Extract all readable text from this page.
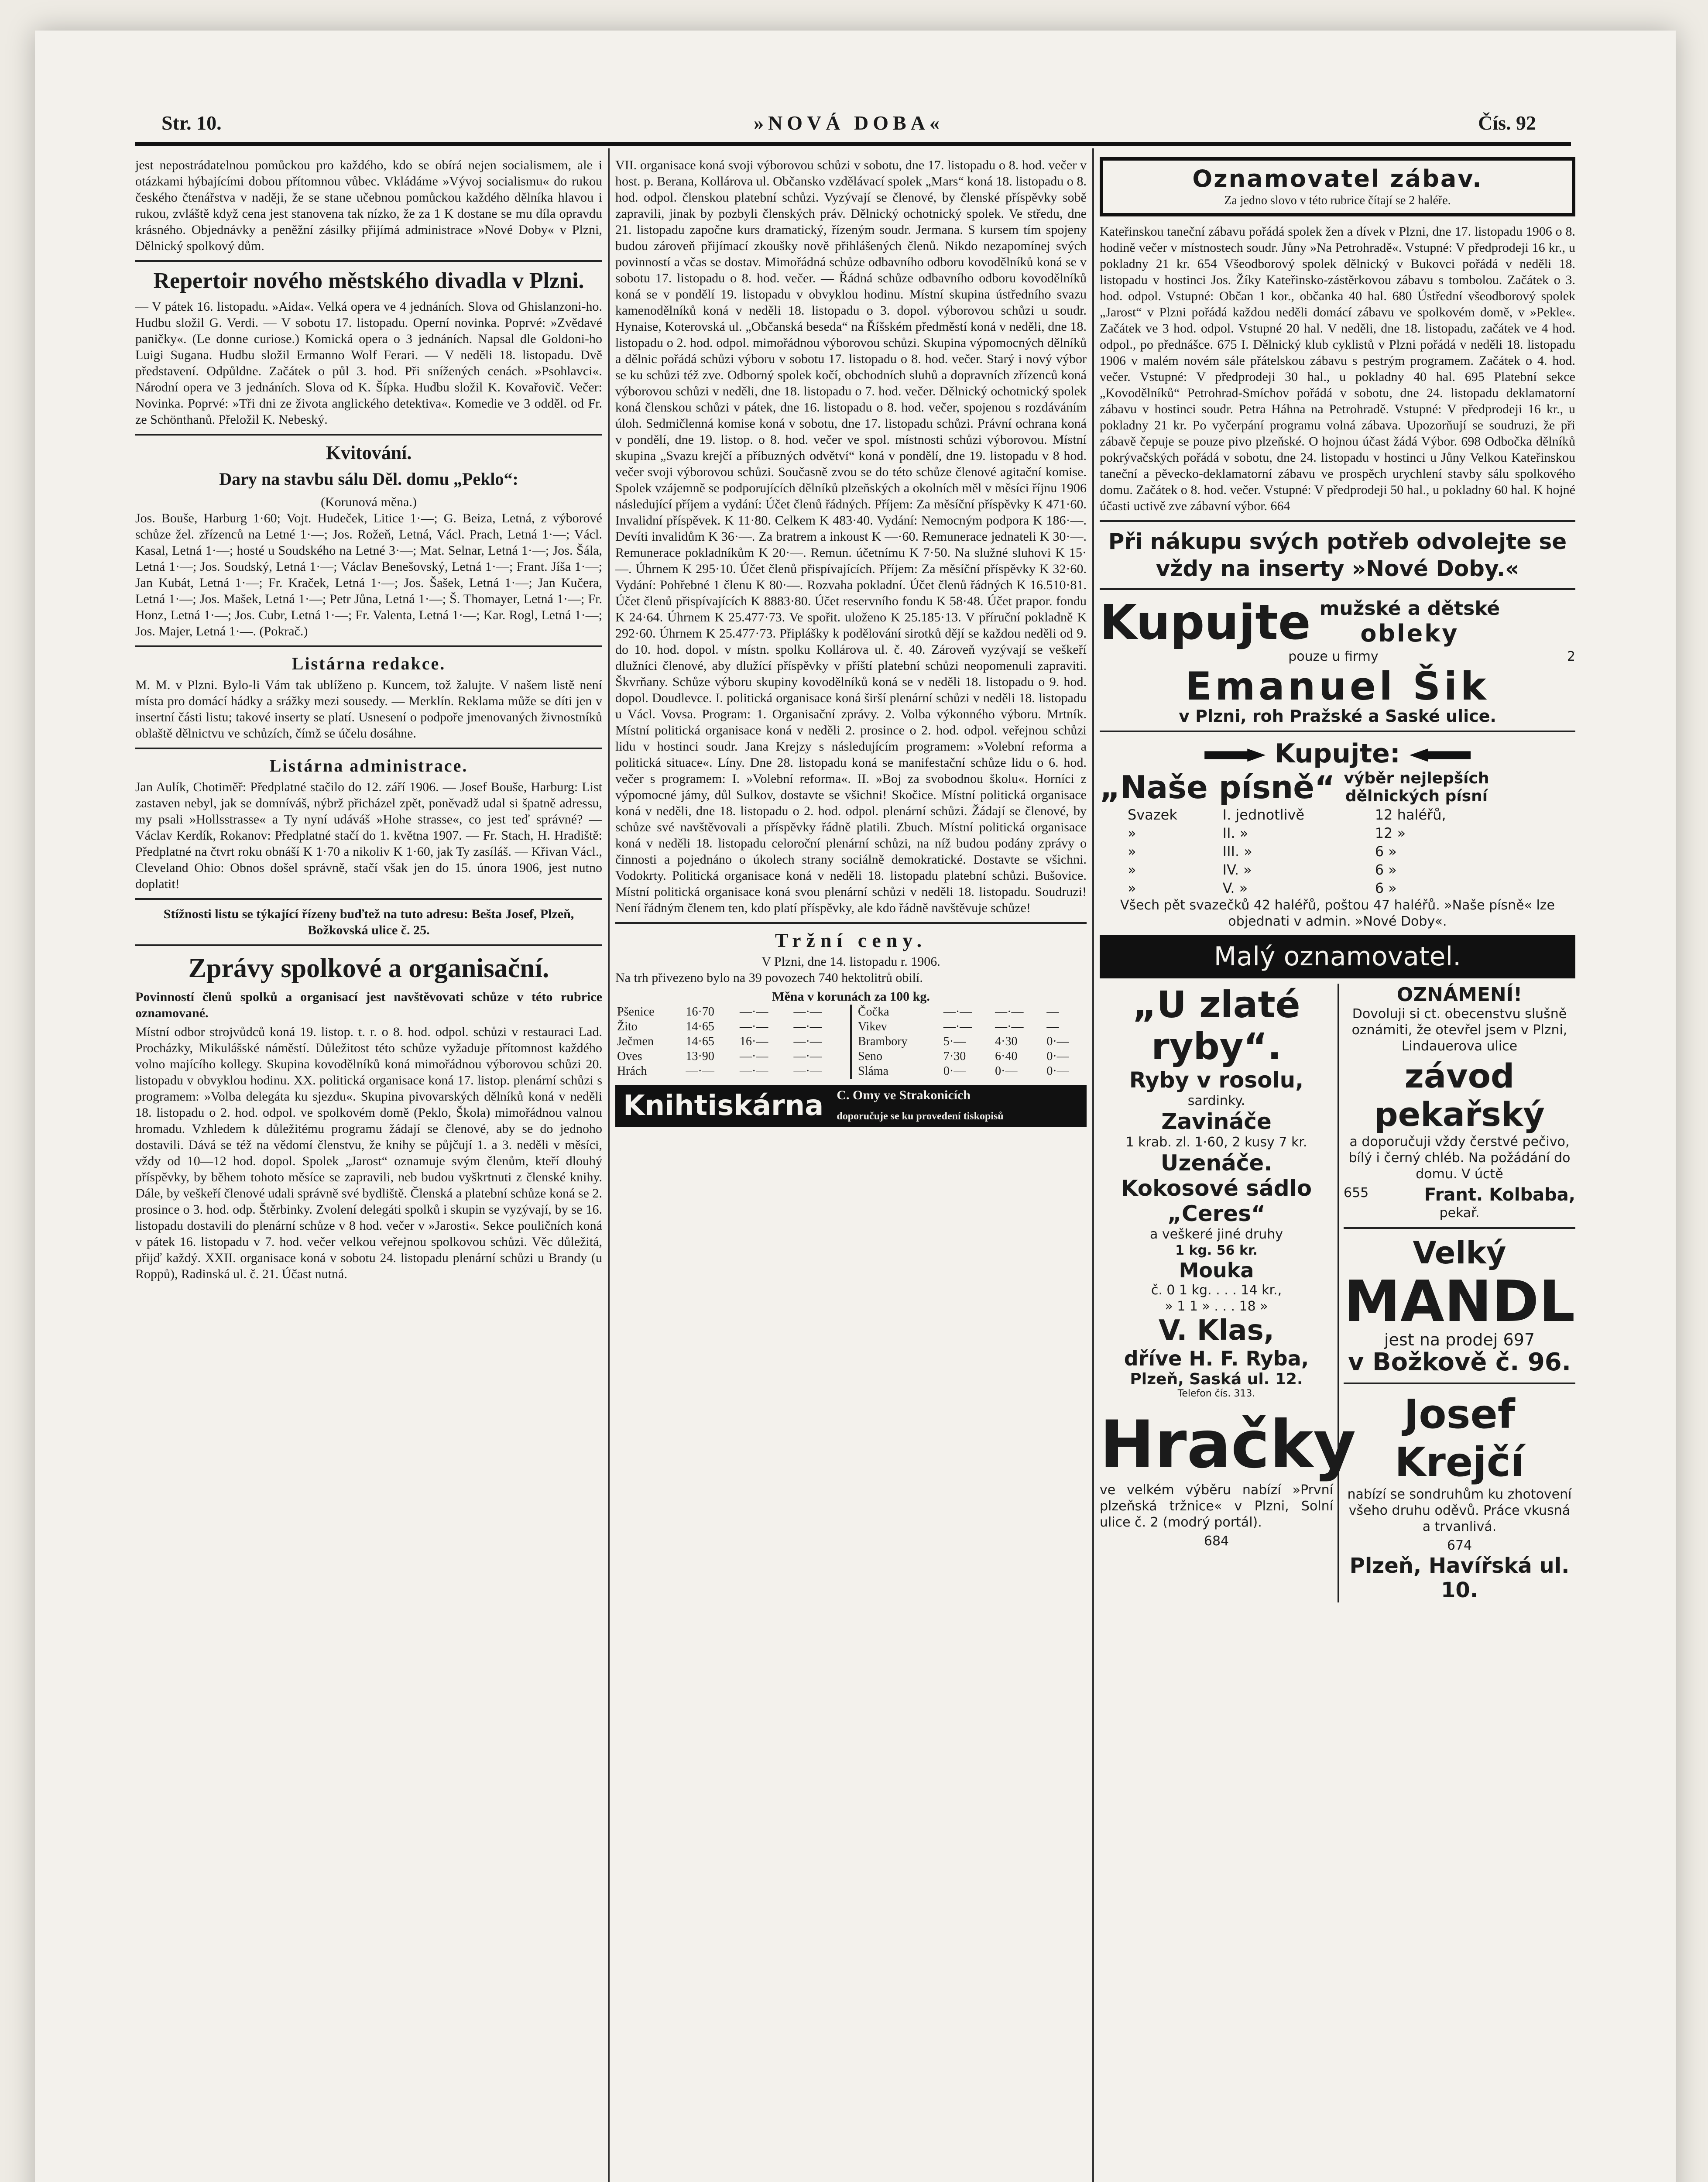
Str. 10.	»NOVÁ DOBA«	Čís. 92

jest nepostrádatelnou pomůckou pro každého, kdo se obírá nejen socialismem, ale i otázkami hýbajícími dobou přítomnou vůbec. Vkládáme »Vývoj socialismu« do rukou českého čtenářstva v naději, že se stane učebnou pomůckou každého dělníka hlavou i rukou, zvláště když cena jest stanovena tak nízko, že za 1 K dostane se mu díla opravdu krásného. Objednávky a peněžní zásilky přijímá administrace »Nové Doby« v Plzni, Dělnický spolkový dům.

Repertoir nového městského divadla v Plzni.

— V pátek 16. listopadu. »Aida«. Velká opera ve 4 jednáních. Slova od Ghislanzoni-ho. Hudbu složil G. Verdi. — V sobotu 17. listopadu. Operní novinka. Poprvé: »Zvědavé paničky«. (Le donne curiose.) Komická opera o 3 jednáních. Napsal dle Goldoni-ho Luigi Sugana. Hudbu složil Ermanno Wolf Ferari. — V neděli 18. listopadu. Dvě představení. Odpůldne. Začátek o půl 3. hod. Při snížených cenách. »Psohlavci«. Národní opera ve 3 jednáních. Slova od K. Šípka. Hudbu složil K. Kovařovič. Večer: Novinka. Poprvé: »Tři dni ze života anglického detektiva«. Komedie ve 3 odděl. od Fr. ze Schönthanů. Přeložil K. Nebeský.

Kvitování.
Dary na stavbu sálu Děl. domu „Peklo“:
(Korunová měna.)

Jos. Bouše, Harburg 1·60; Vojt. Hudeček, Litice 1·—; G. Beiza, Letná, z výborové schůze žel. zřízenců na Letné 1·—; Jos. Rožeň, Letná, Václ. Prach, Letná 1·—; Václ. Kasal, Letná 1·—; hosté u Soudského na Letné 3·—; Mat. Selnar, Letná 1·—; Jos. Šála, Letná 1·—; Jos. Soudský, Letná 1·—; Václav Benešovský, Letná 1·—; Frant. Jíša 1·—; Jan Kubát, Letná 1·—; Fr. Kraček, Letná 1·—; Jos. Šašek, Letná 1·—; Jan Kučera, Letná 1·—; Jos. Mašek, Letná 1·—; Petr Jůna, Letná 1·—; Š. Thomayer, Letná 1·—; Fr. Honz, Letná 1·—; Jos. Cubr, Letná 1·—; Fr. Valenta, Letná 1·—; Kar. Rogl, Letná 1·—; Jos. Majer, Letná 1·—. (Pokrač.)

Listárna redakce.

M. M. v Plzni. Bylo-li Vám tak ublíženo p. Kuncem, tož žalujte. V našem listě není místa pro domácí hádky a srážky mezi sousedy. — Merklín. Reklama může se díti jen v insertní části listu; takové inserty se platí. Usnesení o podpoře jmenovaných živnostníků oblaště dělnictvu ve schůzích, čímž se účelu dosáhne.

Listárna administrace.

Jan Aulík, Chotiměř: Předplatné stačilo do 12. září 1906. — Josef Bouše, Harburg: List zastaven nebyl, jak se domníváš, nýbrž přicházel zpět, poněvadž udal si špatně adressu, my psali »Hollsstrasse« a Ty nyní udáváš »Hohe strasse«, co jest teď správné? — Václav Kerdík, Rokanov: Předplatné stačí do 1. května 1907. — Fr. Stach, H. Hradiště: Předplatné na čtvrt roku obnáší K 1·70 a nikoliv K 1·60, jak Ty zasíláš. — Křivan Václ., Cleveland Ohio: Obnos došel správně, stačí však jen do 15. února 1906, jest nutno doplatit!

Stížnosti listu se týkající řízeny buďtež na tuto adresu: Bešta Josef, Plzeň, Božkovská ulice č. 25.
Zprávy spolkové a organisační.

Povinností členů spolků a organisací jest navštěvovati schůze v této rubrice oznamované.

Místní odbor strojvůdců koná 19. listop. t. r. o 8. hod. odpol. schůzi v restauraci Lad. Procházky, Mikulášské náměstí. Důležitost této schůze vyžaduje přítomnost každého volno majícího kollegy. Skupina kovodělníků koná mimořádnou výborovou schůzi 20. listopadu v obvyklou hodinu. XX. politická organisace koná 17. listop. plenární schůzi s programem: »Volba delegáta ku sjezdu«. Skupina pivovarských dělníků koná v neděli 18. listopadu o 2. hod. odpol. ve spolkovém domě (Peklo, Škola) mimořádnou valnou hromadu. Vzhledem k důležitému programu žádají se členové, aby se do jednoho dostavili. Dává se též na vědomí členstvu, že knihy se půjčují 1. a 3. neděli v měsíci, vždy od 10—12 hod. dopol. Spolek „Jarost“ oznamuje svým členům, kteří dlouhý příspěvky, by během tohoto měsíce se zapravili, neb budou vyškrtnuti z členské knihy. Dále, by veškeří členové udali správně své bydliště. Členská a platební schůze koná se 2. prosince o 3. hod. odp. Štěrbinky. Zvolení delegáti spolků i skupin se vyzývají, by se 16. listopadu dostavili do plenární schůze v 8 hod. večer v »Jarosti«. Sekce pouličních koná v pátek 16. listopadu v 7. hod. večer velkou veřejnou spolkovou schůzi. Věc důležitá, přijď každý. XXII. organisace koná v sobotu 24. listopadu plenární schůzi u Brandy (u Roppů), Radinská ul. č. 21. Účast nutná.

VII. organisace koná svoji výborovou schůzi v sobotu, dne 17. listopadu o 8. hod. večer v host. p. Berana, Kollárova ul. Občansko vzdělávací spolek „Mars“ koná 18. listopadu o 8. hod. odpol. členskou platební schůzi. Vyzývají se členové, by členské příspěvky sobě zapravili, jinak by pozbyli členských práv. Dělnický ochotnický spolek. Ve středu, dne 21. listopadu započne kurs dramatický, řízeným soudr. Jermana. S kursem tím spojeny budou zároveň přijímací zkoušky nově přihlášených členů. Nikdo nezapomínej svých povinností a včas se dostav. Mimořádná schůze odbavního odboru kovodělníků koná se v sobotu 17. listopadu o 8. hod. večer. — Řádná schůze odbavního odboru kovodělníků koná se v pondělí 19. listopadu v obvyklou hodinu. Místní skupina ústředního svazu kamenodělníků koná v neděli 18. listopadu o 3. dopol. výborovou schůzi u soudr. Hynaise, Koterovská ul. „Občanská beseda“ na Říšském předměstí koná v neděli, dne 18. listopadu o 2. hod. odpol. mimořádnou výborovou schůzi. Skupina výpomocných dělníků a dělnic pořádá schůzi výboru v sobotu 17. listopadu o 8. hod. večer. Starý i nový výbor se ku schůzi též zve. Odborný spolek kočí, obchodních sluhů a dopravních zřízenců koná výborovou schůzi v neděli, dne 18. listopadu o 7. hod. večer. Dělnický ochotnický spolek koná členskou schůzi v pátek, dne 16. listopadu o 8. hod. večer, spojenou s rozdáváním úloh. Sedmičlenná komise koná v sobotu, dne 17. listopadu schůzi. Právní ochrana koná v pondělí, dne 19. listop. o 8. hod. večer ve spol. místnosti schůzi výborovou. Místní skupina „Svazu krejčí a příbuzných odvětví“ koná v pondělí, dne 19. listopadu v 8 hod. večer svoji výborovou schůzi. Současně zvou se do této schůze členové agitační komise. Spolek vzájemně se podporujících dělníků plzeňských a okolních měl v měsíci říjnu 1906 následující příjem a vydání: Účet členů řádných. Příjem: Za měsíční příspěvky K 471·60. Invalidní příspěvek. K 11·80. Celkem K 483·40. Vydání: Nemocným podpora K 186·—. Devíti invalidům K 36·—. Za bratrem a inkoust K —·60. Remunerace jednateli K 30·—. Remunerace pokladníkům K 20·—. Remun. účetnímu K 7·50. Na služné sluhovi K 15·—. Úhrnem K 295·10. Účet členů přispívajících. Příjem: Za měsíční příspěvky K 32·60. Vydání: Pohřebné 1 členu K 80·—. Rozvaha pokladní. Účet členů řádných K 16.510·81. Účet členů přispívajících K 8883·80. Účet reservního fondu K 58·48. Účet prapor. fondu K 24·64. Úhrnem K 25.477·73. Ve spořit. uloženo K 25.185·13. V příruční pokladně K 292·60. Úhrnem K 25.477·73. Připlášky k podělování sirotků dějí se každou neděli od 9. do 10. hod. dopol. v místn. spolku Kollárova ul. č. 40. Zároveň vyzývají se veškeří dlužníci členové, aby dlužící příspěvky v příští platební schůzi neopomenuli zapraviti. Škvrňany. Schůze výboru skupiny kovodělníků koná se v neděli 18. listopadu o 9. hod. dopol. Doudlevce. I. politická organisace koná širší plenární schůzi v neděli 18. listopadu u Václ. Vovsa. Program: 1. Organisační zprávy. 2. Volba výkonného výboru. Mrtník. Místní politická organisace koná v neděli 2. prosince o 2. hod. odpol. veřejnou schůzi lidu v hostinci soudr. Jana Krejzy s následujícím programem: »Volební reforma a politická situace«. Líny. Dne 28. listopadu koná se manifestační schůze lidu o 6. hod. večer s programem: I. »Volební reforma«. II. »Boj za svobodnou školu«. Horníci z výpomocné jámy, důl Sulkov, dostavte se všichni! Skočice. Místní politická organisace koná v neděli, dne 18. listopadu o 2. hod. odpol. plenární schůzi. Žádají se členové, by schůze své navštěvovali a příspěvky řádně platili. Zbuch. Místní politická organisace koná v neděli 18. listopadu celoroční plenární schůzi, na níž budou podány zprávy o činnosti a pojednáno o úkolech strany sociálně demokratické. Dostavte se všichni. Vodokrty. Politická organisace koná v neděli 18. listopadu platební schůzi. Bušovice. Místní politická organisace koná svou plenární schůzi v neděli 18. listopadu. Soudruzi! Není řádným členem ten, kdo platí příspěvky, ale kdo řádně navštěvuje schůze!

Tržní ceny.
V Plzni, dne 14. listopadu r. 1906.

Na trh přivezeno bylo na 39 povozech 740 hektolitrů obilí.

Měna v korunách za 100 kg.
Pšenice	16·70	—·—	—·—
Žito	14·65	—·—	—·—
Ječmen	14·65	16·—	—·—
Oves	13·90	—·—	—·—
Hrách	—·—	—·—	—·—
Čočka	—·—	—·—	—
Vikev	—·—	—·—	—
Brambory	5·—	4·30	0·—
Seno	7·30	6·40	0·—
Sláma	0·—	0·—	0·—
Knihtiskárna	C. Omy ve Strakonicích
doporučuje se ku provedení tiskopisů
Oznamovatel zábav.
Za jedno slovo v této rubrice čítají se 2 haléře.

Kateřinskou taneční zábavu pořádá spolek žen a dívek v Plzni, dne 17. listopadu 1906 o 8. hodině večer v místnostech soudr. Jůny »Na Petrohradě«. Vstupné: V předprodeji 16 kr., u pokladny 21 kr. 654 Všeodborový spolek dělnický v Bukovci pořádá v neděli 18. listopadu v hostinci Jos. Žíky Kateřinsko-zástěrkovou zábavu s tombolou. Začátek o 3. hod. odpol. Vstupné: Občan 1 kor., občanka 40 hal. 680 Ústřední všeodborový spolek „Jarost“ v Plzni pořádá každou neděli domácí zábavu ve spolkovém domě, v »Pekle«. Začátek ve 3 hod. odpol. Vstupné 20 hal. V neděli, dne 18. listopadu, začátek ve 4 hod. odpol., po přednášce. 675 I. Dělnický klub cyklistů v Plzni pořádá v neděli 18. listopadu 1906 v malém novém sále přátelskou zábavu s pestrým programem. Začátek o 4. hod. večer. Vstupné: V předprodeji 30 hal., u pokladny 40 hal. 695 Platební sekce „Kovodělníků“ Petrohrad-Smíchov pořádá v sobotu, dne 24. listopadu deklamatorní zábavu v hostinci soudr. Petra Háhna na Petrohradě. Vstupné: V předprodeji 16 kr., u pokladny 21 kr. Po vyčerpání programu volná zábava. Upozorňují se soudruzi, že při zábavě čepuje se pouze pivo plzeňské. O hojnou účast žádá Výbor. 698 Odbočka dělníků pokrývačských pořádá v sobotu, dne 24. listopadu v hostinci u Jůny Velkou Kateřinskou taneční a pěvecko-deklamatorní zábavu ve prospěch urychlení stavby sálu spolkového domu. Začátek o 8. hod. večer. Vstupné: V předprodeji 50 hal., u pokladny 60 hal. K hojné účasti uctivě zve zábavní výbor. 664

Při nákupu svých potřeb odvolejte se vždy na inserty »Nové Doby.«
Kupujte mužské a dětské
obleky
pouze u firmy	2
Emanuel Šik
v Plzni, roh Pražské a Saské ulice.
Kupujte:
„Naše písně“ výběr nejlepších
dělnických písní
Svazek	I. jednotlivě	12 haléřů,
»	II. »	12 »
»	III. »	6 »
»	IV. »	6 »
»	V. »	6 »

Všech pět svazečků 42 haléřů, poštou 47 haléřů. »Naše písně« lze objednati v admin. »Nové Doby«.

Malý oznamovatel.
„U zlaté ryby“.
Ryby v rosolu,
sardinky.
Zavináče
1 krab. zl. 1·60, 2 kusy 7 kr.
Uzenáče.
Kokosové sádlo
„Ceres“
a veškeré jiné druhy
1 kg. 56 kr.
Mouka
č. 0 1 kg. . . . 14 kr.,
» 1 1 » . . . 18 »
V. Klas,
dříve H. F. Ryba,
Plzeň, Saská ul. 12.
Telefon čís. 313.
Hračky

ve velkém výběru nabízí »První plzeňská tržnice« v Plzni, Solní ulice č. 2 (modrý portál).

684
OZNÁMENÍ!

Dovoluji si ct. obecenstvu slušně oznámiti, že otevřel jsem v Plzni, Lindauerova ulice

závod pekařský

a doporučuji vždy čerstvé pečivo, bílý i černý chléb. Na požádání do domu. V úctě

655	Frant. Kolbaba,
pekař.
Velký
MANDL
jest na prodej 697
v Božkově č. 96.
Josef Krejčí

nabízí se sondruhům ku zhotovení všeho druhu oděvů. Práce vkusná a trvanlivá.

674
Plzeň, Havířská ul. 10.
